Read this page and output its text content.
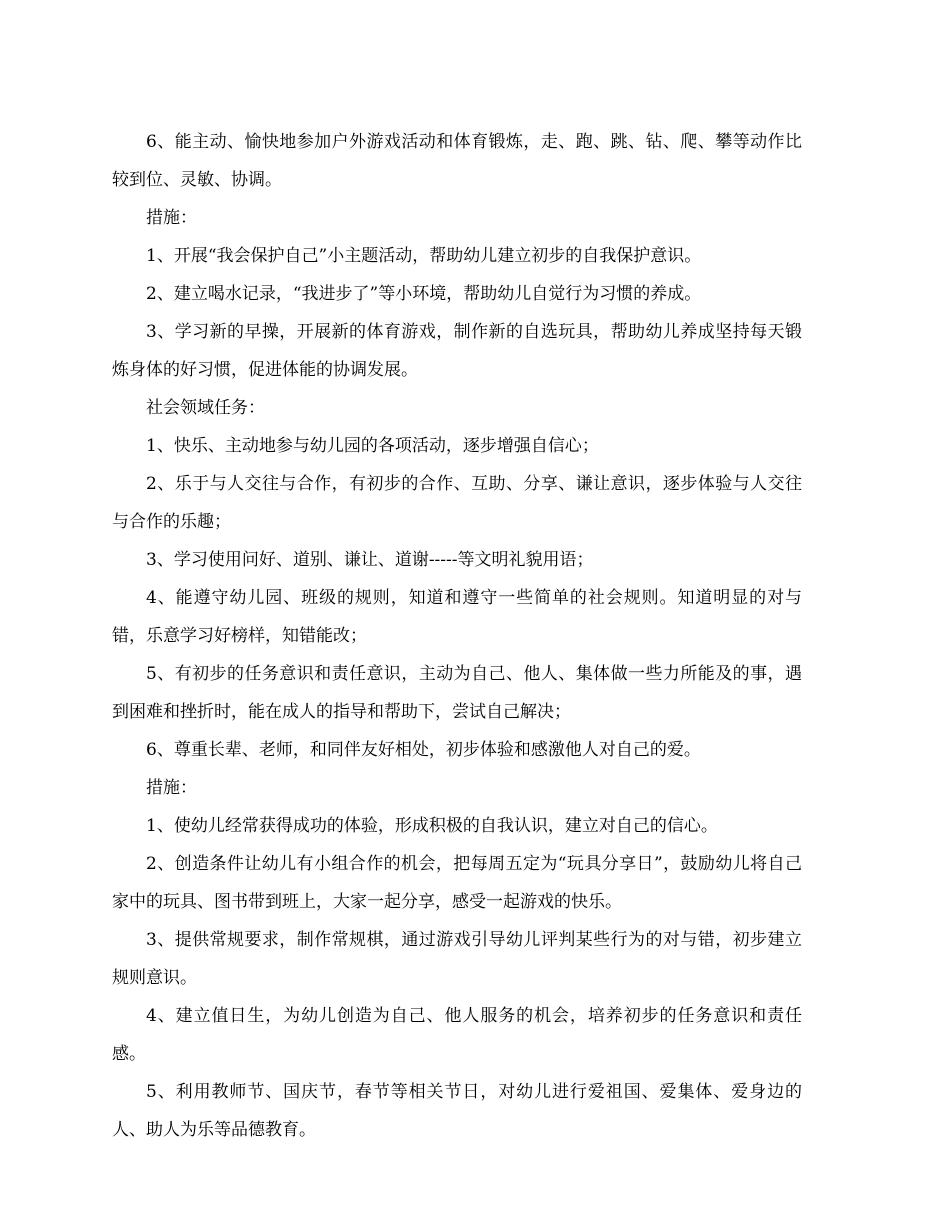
6、能主动、愉快地参加户外游戏活动和体育锻炼，走、跑、跳、钻、爬、攀等动作比较到位、灵敏、协调。

措施：

1、开展“我会保护自己”小主题活动，帮助幼儿建立初步的自我保护意识。

2、建立喝水记录，“我进步了”等小环境，帮助幼儿自觉行为习惯的养成。

3、学习新的早操，开展新的体育游戏，制作新的自选玩具，帮助幼儿养成坚持每天锻炼身体的好习惯，促进体能的协调发展。

社会领域任务：

1、快乐、主动地参与幼儿园的各项活动，逐步增强自信心；

2、乐于与人交往与合作，有初步的合作、互助、分享、谦让意识，逐步体验与人交往与合作的乐趣；

3、学习使用问好、道别、谦让、道谢-----等文明礼貌用语；

4、能遵守幼儿园、班级的规则，知道和遵守一些简单的社会规则。知道明显的对与错，乐意学习好榜样，知错能改；

5、有初步的任务意识和责任意识，主动为自己、他人、集体做一些力所能及的事，遇到困难和挫折时，能在成人的指导和帮助下，尝试自己解决；

6、尊重长辈、老师，和同伴友好相处，初步体验和感激他人对自己的爱。

措施：

1、使幼儿经常获得成功的体验，形成积极的自我认识，建立对自己的信心。

2、创造条件让幼儿有小组合作的机会，把每周五定为“玩具分享日”，鼓励幼儿将自己家中的玩具、图书带到班上，大家一起分享，感受一起游戏的快乐。

3、提供常规要求，制作常规棋，通过游戏引导幼儿评判某些行为的对与错，初步建立规则意识。

4、建立值日生，为幼儿创造为自己、他人服务的机会，培养初步的任务意识和责任感。

5、利用教师节、国庆节，春节等相关节日，对幼儿进行爱祖国、爱集体、爱身边的人、助人为乐等品德教育。
